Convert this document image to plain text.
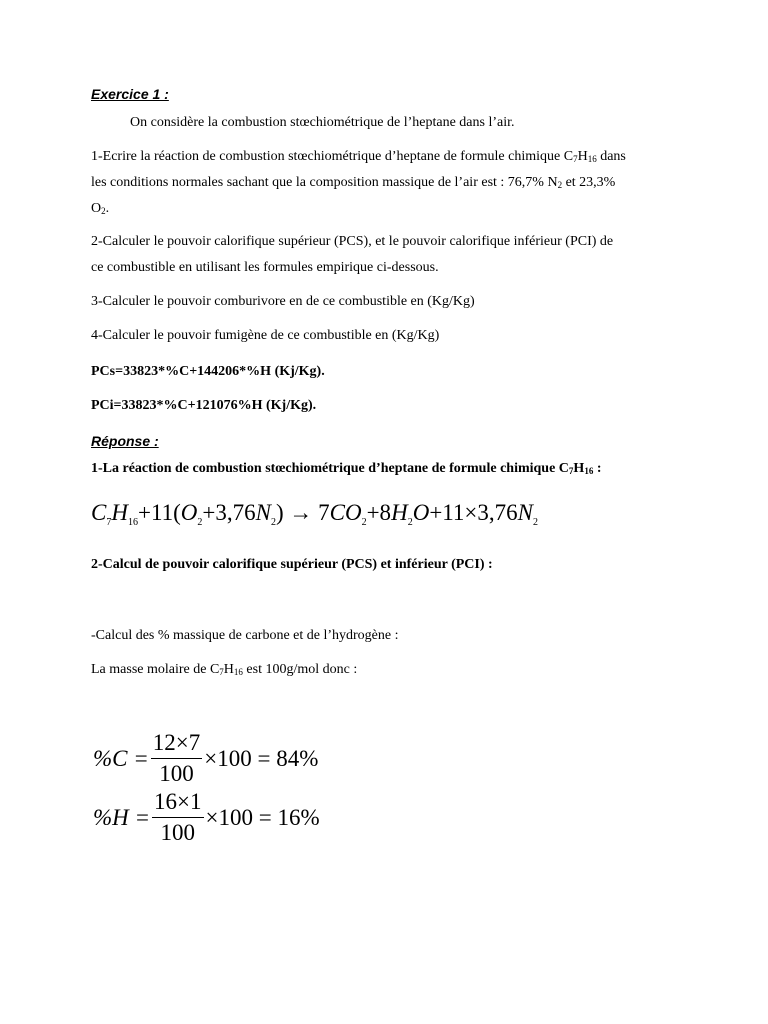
Exercice 1 :
On considère la combustion stœchiométrique de l’heptane dans l’air.
1-Ecrire la réaction de combustion stœchiométrique d’heptane de formule chimique $C_7H_{16}$ dans
les conditions normales sachant que la composition massique de l’air est : 76,7% $N_2$ et 23,3%
$O_2$.
2-Calculer le pouvoir calorifique supérieur (PCS), et le pouvoir calorifique inférieur (PCI) de
ce combustible en utilisant les formules empirique ci-dessous.
3-Calculer le pouvoir comburivore en de ce combustible en (Kg/Kg)
4-Calculer le pouvoir fumigène de ce combustible en (Kg/Kg)
PCs=33823*%C+144206*%H (Kj/Kg).
PCi=33823*%C+121076%H (Kj/Kg).
Réponse :
1-La réaction de combustion stœchiométrique d’heptane de formule chimique $C_7H_{16}$ :
$C_7H_{16}+11(O_2+3,76N_2) \to 7CO_2+8H_2O+11\times 3,76N_2$
2-Calcul de pouvoir calorifique supérieur (PCS) et inférieur (PCI) :
-Calcul des % massique de carbone et de l’hydrogène :
La masse molaire de $C_7H_{16}$ est 100g/mol donc :
$\%C = \frac{12\times 7}{100} \times 100 = 84\%$
$\%H = \frac{16\times 1}{100} \times 100 = 16\%$
